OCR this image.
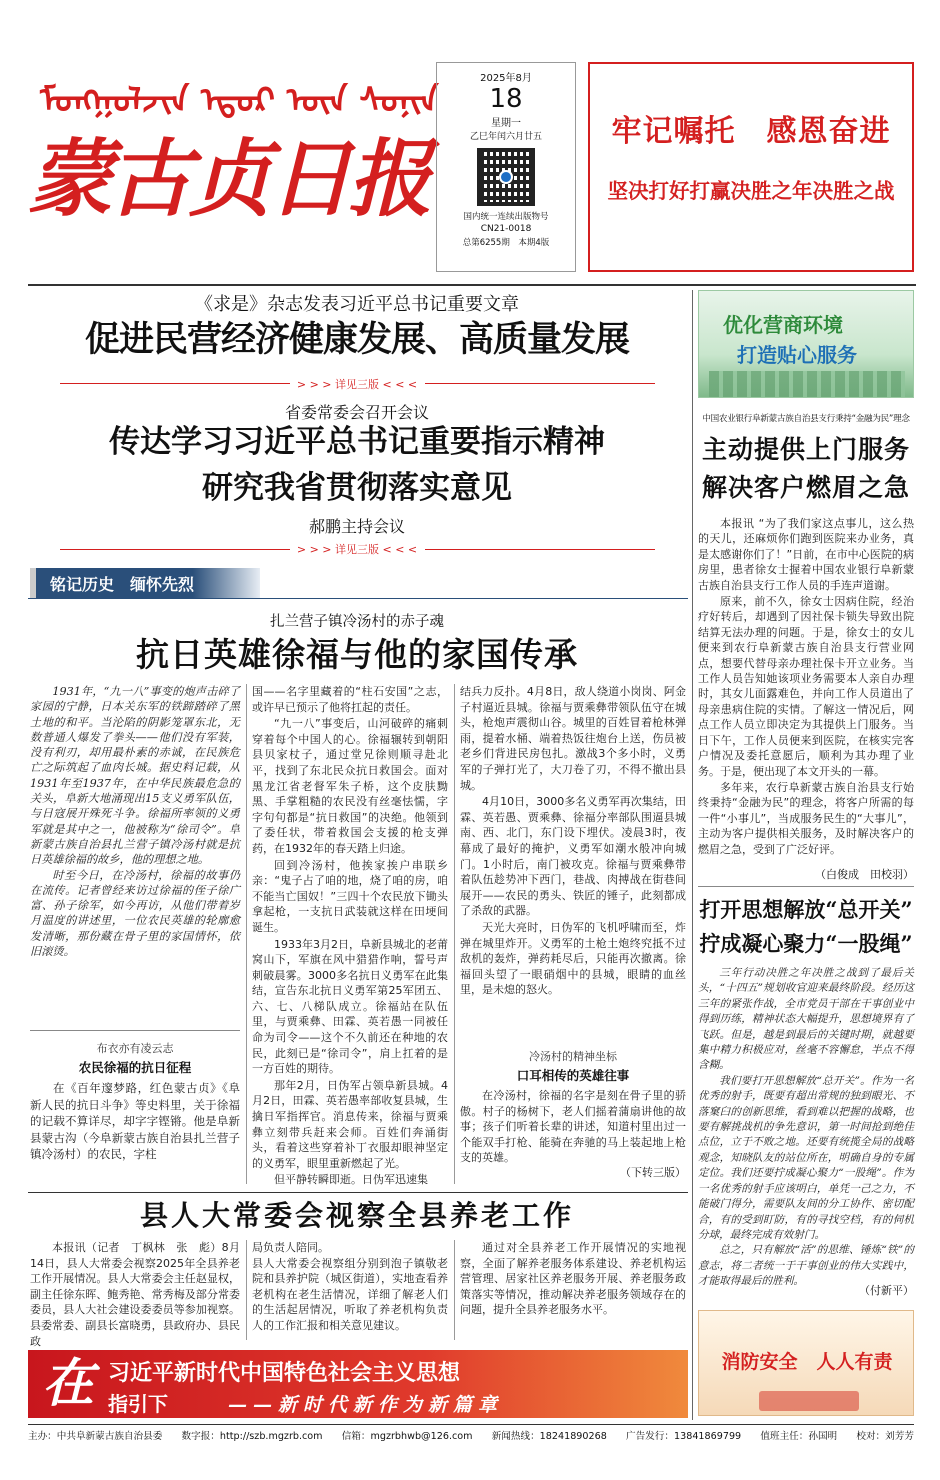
ᠮᠣᠩᠭᠣᠯᠵᠢᠨ ᠡᠳᠦᠷ ᠦᠨ ᠰᠣᠨᠢᠨ
蒙古贞日报
2025年8月
18
星期一
乙巳年闰六月廿五
国内统一连续出版物号
CN21-0018
总第6255期　 本期4版
牢记嘱托　感恩奋进
坚决打好打赢决胜之年决胜之战
《求是》杂志发表习近平总书记重要文章
促进民营经济健康发展、高质量发展
> > > 详见三版 < < <
省委常委会召开会议
传达学习习近平总书记重要指示精神
研究我省贯彻落实意见
郝鹏主持会议
> > > 详见三版 < < <
铭记历史　缅怀先烈
扎兰营子镇冷汤村的赤子魂
抗日英雄徐福与他的家国传承

1931年，“九一八”事变的炮声击碎了家园的宁静，日本关东军的铁蹄踏碎了黑土地的和平。当沦陷的阴影笼罩东北，无数普通人爆发了拳头——他们没有军装，没有利刃，却用最朴素的赤诚，在民族危亡之际筑起了血肉长城。据史料记载，从1931年至1937年，在中华民族最危急的关头，阜新大地涌现出15支义勇军队伍，与日寇展开殊死斗争。徐福所率领的义勇军就是其中之一，他被称为“徐司令”。阜新蒙古族自治县扎兰营子镇冷汤村就是抗日英雄徐福的故乡，他的理想之地。

时至今日，在冷汤村，徐福的故事仍在流传。记者曾经来访过徐福的侄子徐广富、孙子徐军，如今再访，从他们带着岁月温度的讲述里，一位农民英雄的轮廓愈发清晰，那份藏在骨子里的家国情怀，依旧滚烫。

布衣亦有凌云志
农民徐福的抗日征程

在《百年邃梦路，红色蒙古贞》《阜新人民的抗日斗争》等史料里，关于徐福的记载不算详尽，却字字铿锵。他是阜新县蒙古沟（今阜新蒙古族自治县扎兰营子镇冷汤村）的农民，字柱

国——名字里藏着的“柱石安国”之志，或许早已预示了他将扛起的责任。

“九一八”事变后，山河破碎的痛刺穿着每个中国人的心。徐福辗转到朝阳县贝家杖子，通过堂兄徐则顺寻赴北平，找到了东北民众抗日救国会。面对黑龙江省老督军朱子桥，这个皮肤黝黑、手掌粗糙的农民没有丝毫怯懦，字字句句都是“抗日救国”的决绝。他领到了委任状，带着救国会支援的枪支弹药，在1932年的春天踏上归途。

回到冷汤村，他挨家挨户串联乡亲：“鬼子占了咱的地，烧了咱的房，咱不能当亡国奴！”三四十个农民放下锄头拿起枪，一支抗日武装就这样在田埂间诞生。

1933年3月2日，阜新县城北的老莆窝山下，军旗在风中猎猎作响，誓号声刺破晨雾。3000多名抗日义勇军在此集结，宣告东北抗日义勇军第25军团五、六、七、八梯队成立。徐福站在队伍里，与贾乘彝、田霖、英若愚一同被任命为司令——这个不久前还在种地的农民，此刻已是“徐司令”，肩上扛着的是一方百姓的期待。

那年2月，日伪军占领阜新县城。4月2日，田霖、英若愚率部收复县城，生擒日军指挥官。消息传来，徐福与贾乘彝立刻带兵赶来会师。百姓们奔涌街头，看着这些穿着补丁衣服却眼神坚定的义勇军，眼里重新燃起了光。

但平静转瞬即逝。日伪军迅速集

结兵力反扑。4月8日，敌人绕道小岗岗、阿金子村逼近县城。徐福与贾乘彝带领队伍守在城头，枪炮声震彻山谷。城里的百姓冒着枪林弹雨，提着水桶、端着热饭往炮台上送，伤员被老乡们背进民房包扎。激战3个多小时，义勇军的子弹打光了，大刀卷了刃，不得不撤出县城。

4月10日，3000多名义勇军再次集结，田霖、英若愚、贾乘彝、徐福分率部队围逼县城南、西、北门，东门设下埋伏。凌晨3时，夜幕成了最好的掩护，义勇军如潮水般冲向城门。1小时后，南门被攻克。徐福与贾乘彝带着队伍趁势冲下西门，巷战、肉搏战在街巷间展开——农民的勇头、铁匠的锤子，此刻都成了杀敌的武器。

天光大亮时，日伪军的飞机呼啸而至，炸弹在城里炸开。义勇军的土枪土炮终究抵不过敌机的轰炸，弹药耗尽后，只能再次撤离。徐福回头望了一眼硝烟中的县城，眼睛的血丝里，是未熄的怒火。

冷汤村的精神坐标
口耳相传的英雄往事

在冷汤村，徐福的名字是刻在骨子里的骄傲。村子的杨树下，老人们摇着蒲扇讲他的故事；孩子们听着长辈的讲述，知道村里出过一个能双手打枪、能骑在奔驰的马上装起地上枪支的英雄。

（下转三版）
县人大常委会视察全县养老工作
本报讯（记者　丁枫林　张　彪）8月14日，县人大常委会视察2025年全县养老工作开展情况。县人大常委会主任赵显权，副主任徐东晖、鲍秀艳、常秀梅及部分常委委员，县人大社会建设委委员等参加视察。县委常委、副县长富晓勇，县政府办、县民政
局负责人陪同。
县人大常委会视察组分别到泡子镇敬老院和县养护院（城区街道），实地查看养老机构在老生活情况，详细了解老人们的生活起居情况，听取了养老机构负责人的工作汇报和相关意见建议。
通过对全县养老工作开展情况的实地视察，全面了解养老服务体系建设、养老机构运营管理、居家社区养老服务开展、养老服务政策落实等情况，推动解决养老服务领域存在的问题，提升全县养老服务水平。
优化营商环境
打造贴心服务
中国农业银行阜新蒙古族自治县支行秉持“金融为民”理念
主动提供上门服务
解决客户燃眉之急

本报讯 “为了我们家这点事儿，这么热的天儿，还麻烦你们跑到医院来办业务，真是太感谢你们了！”日前，在市中心医院的病房里，患者徐女士握着中国农业银行阜新蒙古族自治县支行工作人员的手连声道谢。

原来，前不久，徐女士因病住院，经治疗好转后，却遇到了因社保卡锁失导致出院结算无法办理的问题。于是，徐女士的女儿便来到农行阜新蒙古族自治县支行营业网点，想要代替母亲办理社保卡开立业务。当工作人员告知她该项业务需要本人亲自办理时，其女儿面露难色，并向工作人员道出了母亲患病住院的实情。了解这一情况后，网点工作人员立即决定为其提供上门服务。当日下午，工作人员便来到医院，在核实完客户情况及委托意愿后，顺利为其办理了业务。于是，便出现了本文开头的一幕。

多年来，农行阜新蒙古族自治县支行始终秉持“金融为民”的理念，将客户所需的每一件“小事儿”，当成服务民生的“大事儿”，主动为客户提供相关服务，及时解决客户的燃眉之急，受到了广泛好评。

（白俊成　田校羽）
打开思想解放“总开关”
拧成凝心聚力“一股绳”

三年行动决胜之年决胜之战到了最后关头，“十四五”规划收官迎来最终阶段。经历这三年的紧张作战，全市党员干部在干事创业中得到历练，精神状态大幅提升，思想境界有了飞跃。但是，越是到最后的关键时期，就越要集中精力积极应对，丝毫不容懈怠，半点不得含糊。

我们要打开思想解放“总开关”。作为一名优秀的射手，既要有超出常规的独到眼光、不落窠臼的创新思维，看到难以把握的战略，也要有解挑战机的争先意识，第一时间抢到绝佳点位，立于不败之地。还要有统揽全局的战略观念，知晓队友的站位所在，明确自身的专属定位。我们还要拧成凝心聚力“一股绳”。作为一名优秀的射手应该明白，单凭一己之力，不能破门得分，需要队友间的分工协作、密切配合，有的受到盯防，有的寻找空档，有的伺机分球，最终完成有效射门。

总之，只有解放“活”的思维、锤炼“铁”的意志，将二者统一于干事创业的伟大实践中，才能取得最后的胜利。

（付新平）
消防安全　人人有责
在 习近平新时代中国特色社会主义思想
指引下	——新时代新作为新篇章
主办：中共阜新蒙古族自治县委 数字报：http://szb.mgzrb.com 信箱：mgzrbhwb@126.com 新闻热线：18241890268 广告发行：13841869799 值班主任：孙国明 校对：刘芳芳
